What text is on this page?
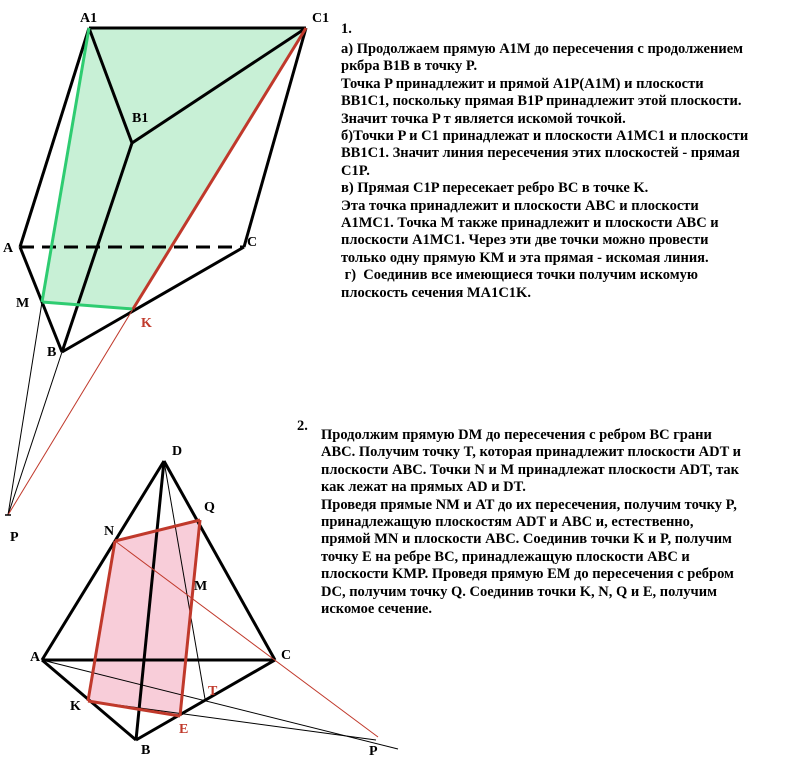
A1	C1
B1
A	C
M
B
K
P
D
Q
N
M
A	C
T
K
E
B	P
1.
а) Продолжаем прямую A1M до пересечения с продолжением
ркбра B1B в точку P.
Точка P принадлежит и прямой A1P(A1M) и плоскости
BB1C1, поскольку прямая B1P принадлежит этой плоскости.
Значит точка P т является искомой точкой.
б)Точки P и C1 принадлежат и плоскости A1MC1 и плоскости
BB1C1. Значит линия пересечения этих плоскостей - прямая
C1P.
в) Прямая C1P пересекает ребро BC в точке K.
Эта точка принадлежит и плоскости ABC и плоскости
A1MC1. Точка M также принадлежит и плоскости ABC и
плоскости A1MC1. Через эти две точки можно провести
только одну прямую KM и эта прямая - искомая линия.
г)  Соединив все имеющиеся точки получим искомую
плоскость сечения MA1C1K.
2.
Продолжим прямую DM до пересечения с ребром BC грани
ABC. Получим точку T, которая принадлежит плоскости ADT и
плоскости ABC. Точки N и M принадлежат плоскости ADT, так
как лежат на прямых AD и DT.
Проведя прямые NM и AT до их пересечения, получим точку P,
принадлежащую плоскостям ADT и ABC и, естественно,
прямой MN и плоскости ABC. Соединив точки K и P, получим
точку E на ребре BC, принадлежащую плоскости ABC и
плоскости KMP. Проведя прямую EM до пересечения с ребром
DC, получим точку Q. Соединив точки K, N, Q и E, получим
искомое сечение.
